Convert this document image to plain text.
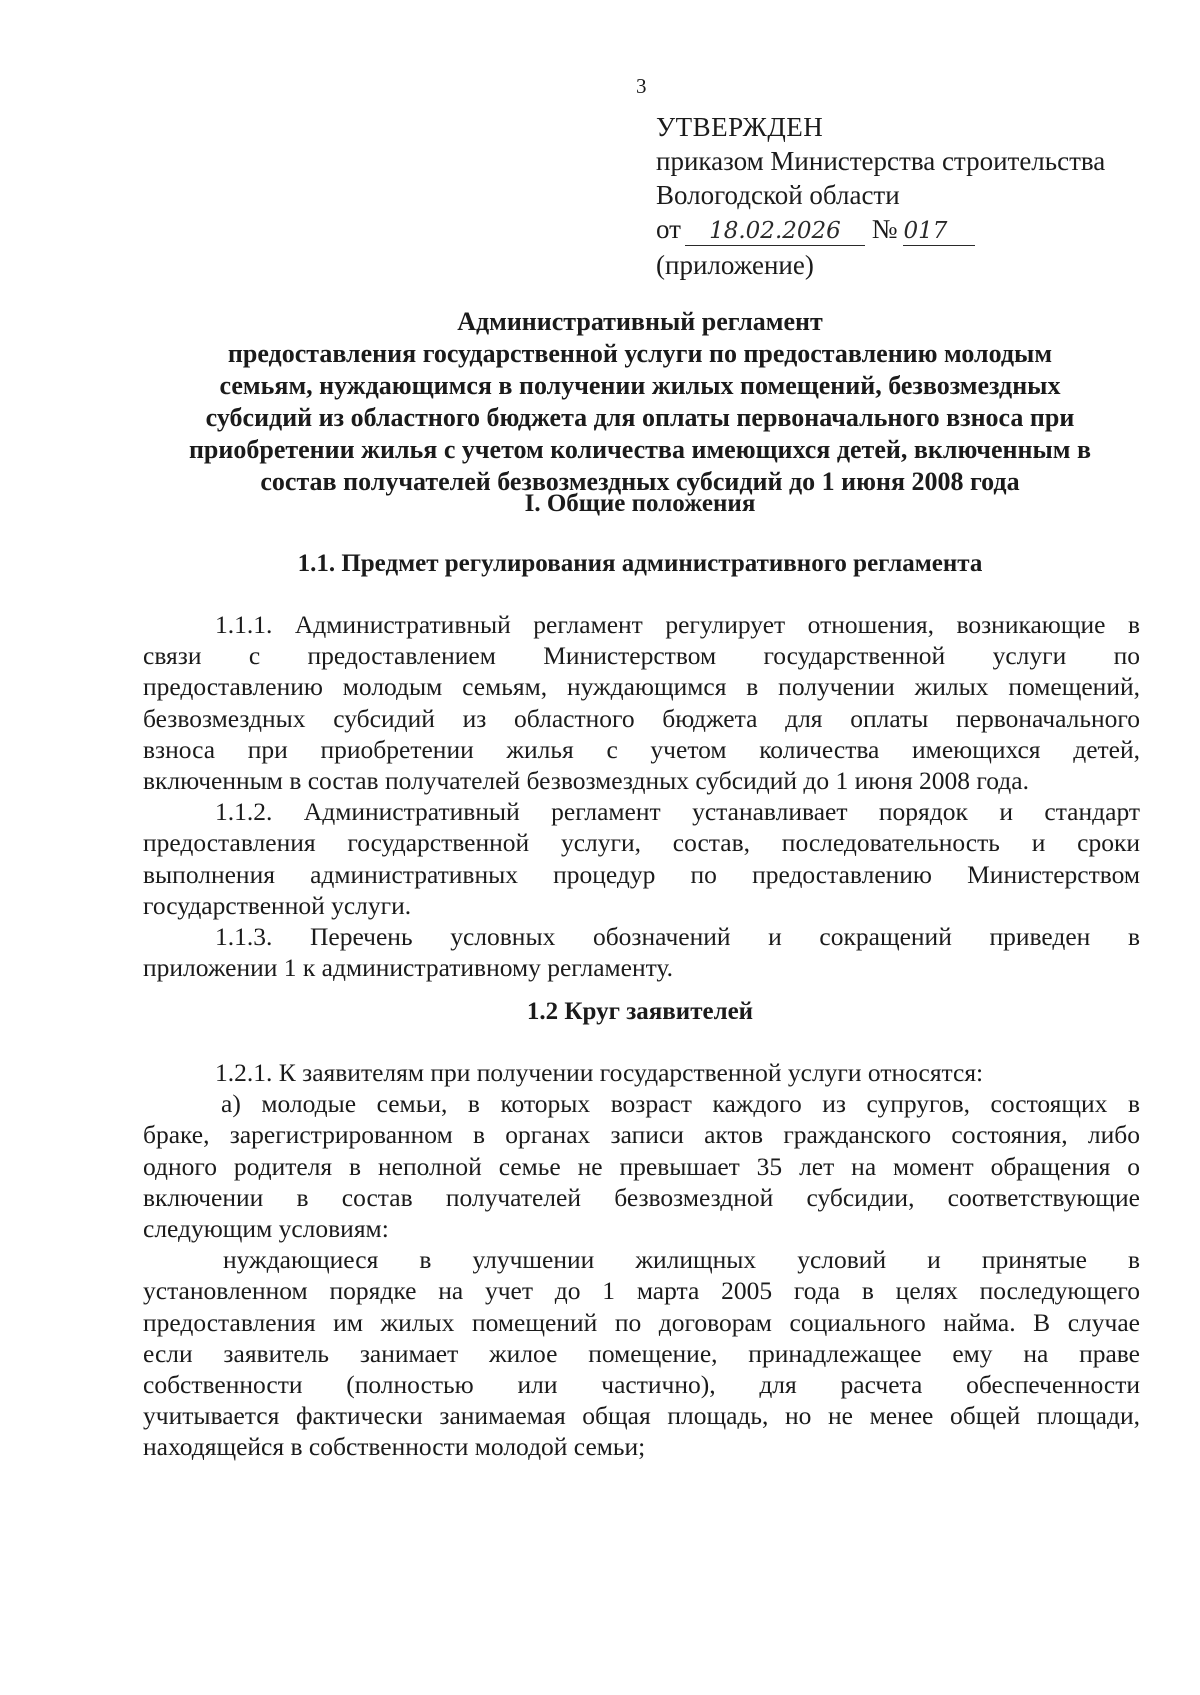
3
УТВЕРЖДЕН
приказом Министерства строительства
Вологодской области
от 18.02.2026 № 017
(приложение)
Административный регламент
предоставления государственной услуги по предоставлению молодым
семьям, нуждающимся в получении жилых помещений, безвозмездных
субсидий из областного бюджета для оплаты первоначального взноса при
приобретении жилья с учетом количества имеющихся детей, включенным в
состав получателей безвозмездных субсидий до 1 июня 2008 года
I. Общие положения
1.1. Предмет регулирования административного регламента
1.1.1. Административный регламент регулирует отношения, возникающие в
связи с предоставлением Министерством государственной услуги по
предоставлению молодым семьям, нуждающимся в получении жилых помещений,
безвозмездных субсидий из областного бюджета для оплаты первоначального
взноса при приобретении жилья с учетом количества имеющихся детей,
включенным в состав получателей безвозмездных субсидий до 1 июня 2008 года.
1.1.2. Административный регламент устанавливает порядок и стандарт
предоставления государственной услуги, состав, последовательность и сроки
выполнения административных процедур по предоставлению Министерством
государственной услуги.
1.1.3. Перечень условных обозначений и сокращений приведен в
приложении 1 к административному регламенту.
1.2 Круг заявителей
1.2.1. К заявителям при получении государственной услуги относятся:
а) молодые семьи, в которых возраст каждого из супругов, состоящих в
браке, зарегистрированном в органах записи актов гражданского состояния, либо
одного родителя в неполной семье не превышает 35 лет на момент обращения о
включении в состав получателей безвозмездной субсидии, соответствующие
следующим условиям:
нуждающиеся в улучшении жилищных условий и принятые в
установленном порядке на учет до 1 марта 2005 года в целях последующего
предоставления им жилых помещений по договорам социального найма. В случае
если заявитель занимает жилое помещение, принадлежащее ему на праве
собственности (полностью или частично), для расчета обеспеченности
учитывается фактически занимаемая общая площадь, но не менее общей площади,
находящейся в собственности молодой семьи;
